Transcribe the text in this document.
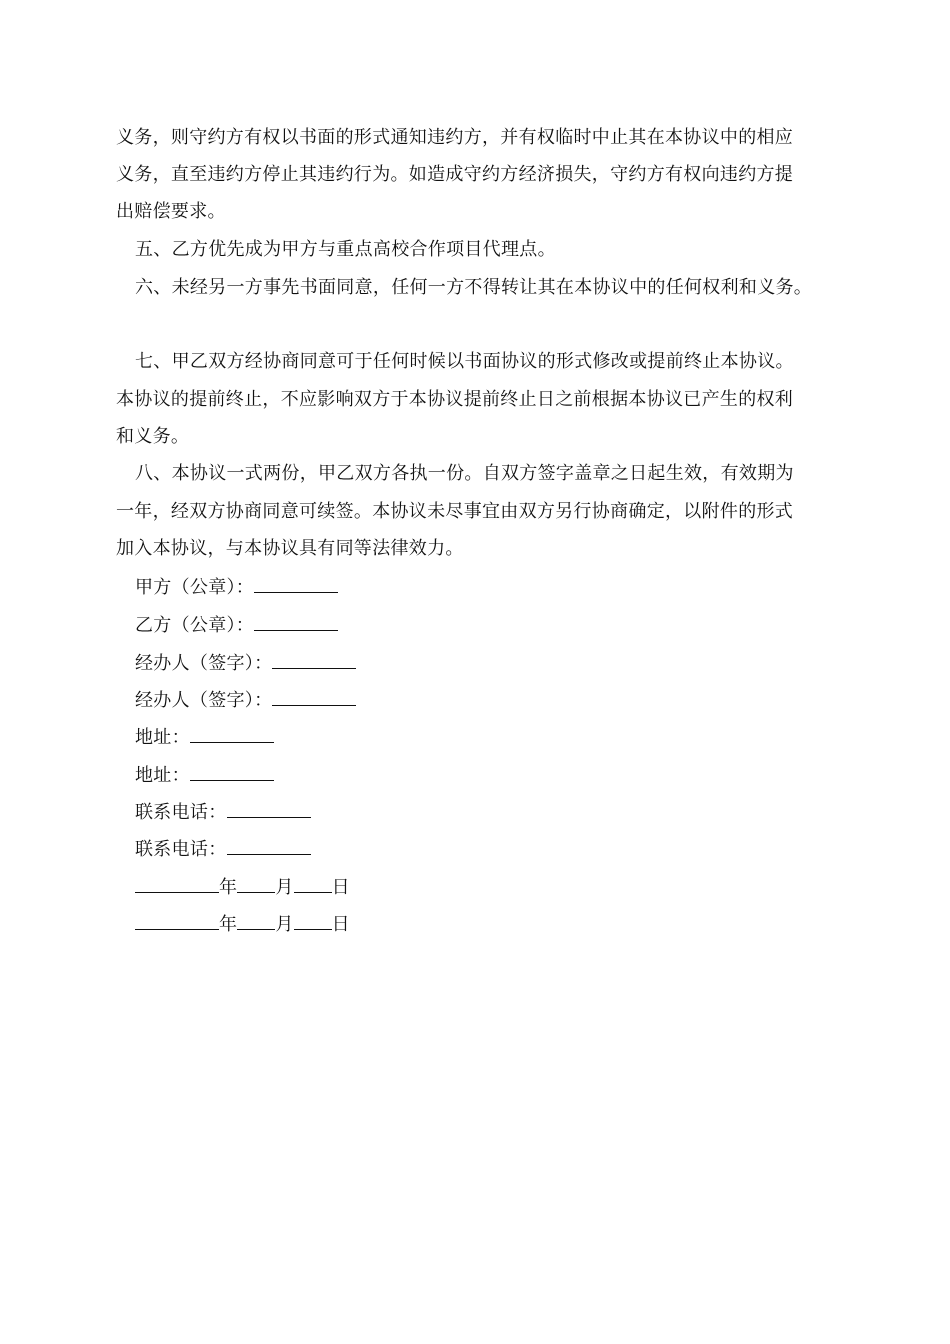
义务，则守约方有权以书面的形式通知违约方，并有权临时中止其在本协议中的相应
义务，直至违约方停止其违约行为。如造成守约方经济损失，守约方有权向违约方提
出赔偿要求。
五、乙方优先成为甲方与重点高校合作项目代理点。
六、未经另一方事先书面同意，任何一方不得转让其在本协议中的任何权利和义务。
七、甲乙双方经协商同意可于任何时候以书面协议的形式修改或提前终止本协议。
本协议的提前终止，不应影响双方于本协议提前终止日之前根据本协议已产生的权利
和义务。
八、本协议一式两份，甲乙双方各执一份。自双方签字盖章之日起生效，有效期为
一年，经双方协商同意可续签。本协议未尽事宜由双方另行协商确定，以附件的形式
加入本协议，与本协议具有同等法律效力。
甲方（公章）：
乙方（公章）：
经办人（签字）：
经办人（签字）：
地址：
地址：
联系电话：
联系电话：
年 月 日
年 月 日
